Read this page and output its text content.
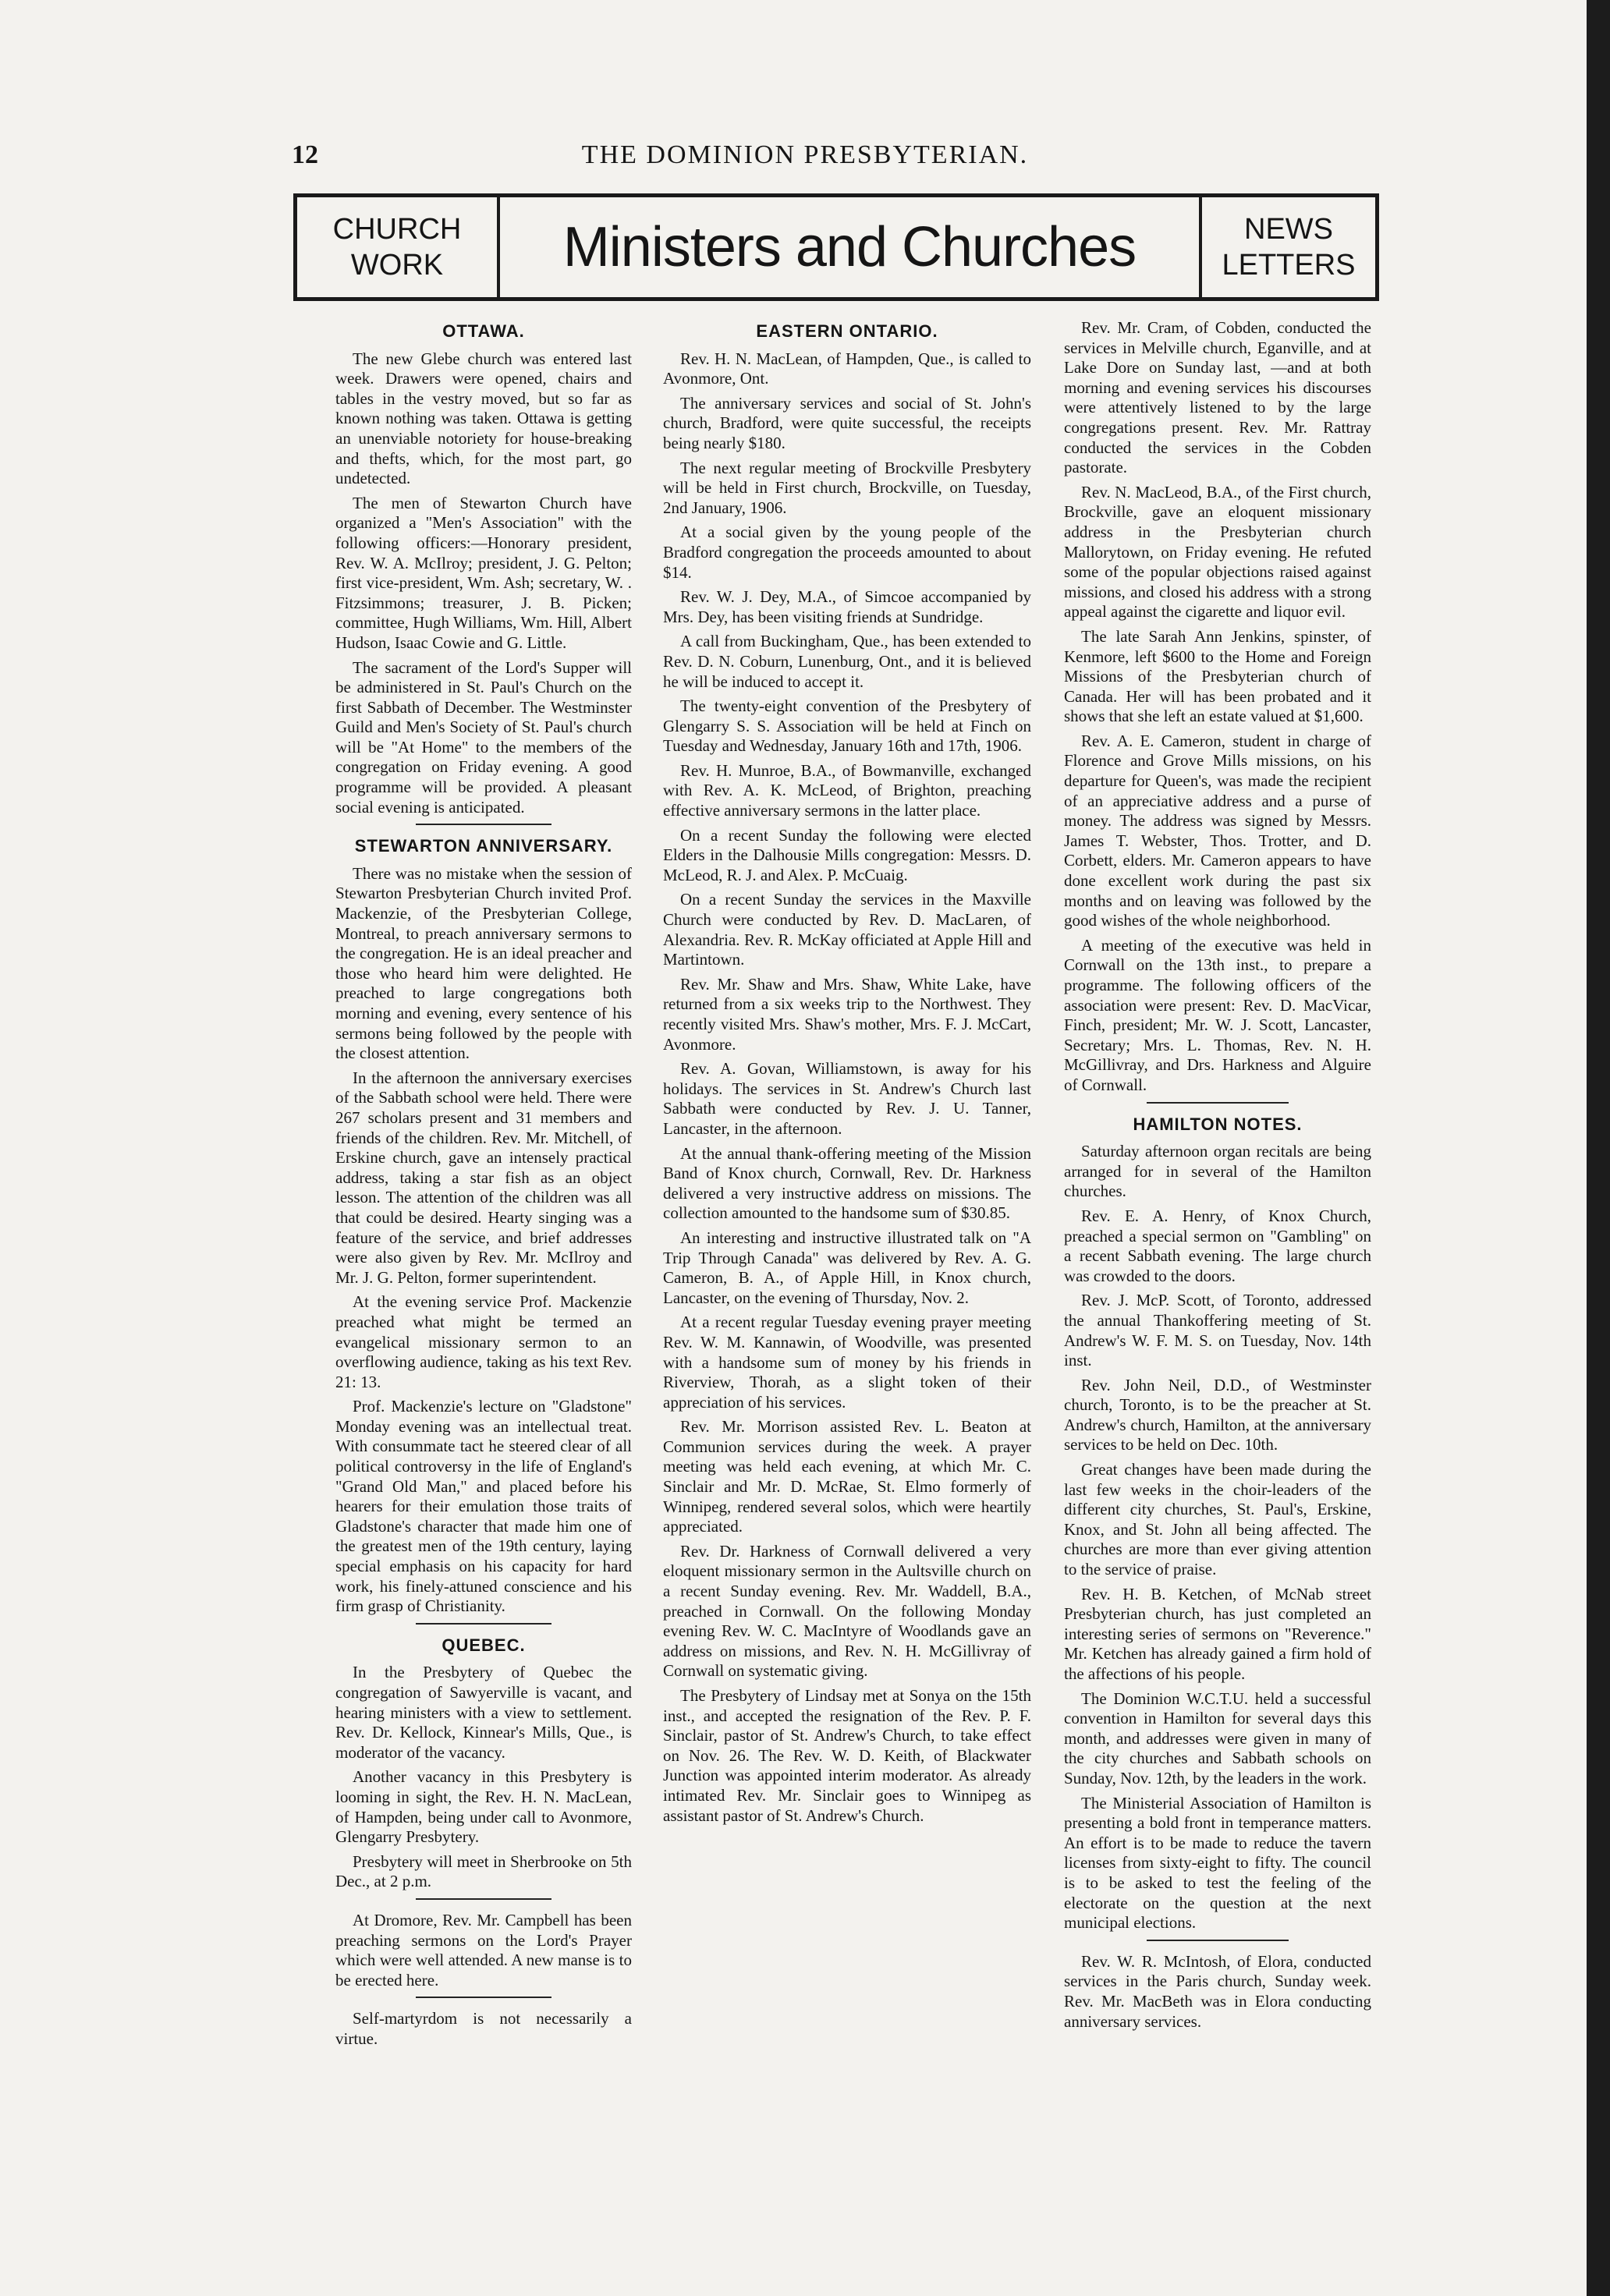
12	THE DOMINION PRESBYTERIAN.
CHURCH
WORK	Ministers and Churches	NEWS
LETTERS
OTTAWA.

The new Glebe church was entered last week. Drawers were opened, chairs and tables in the vestry moved, but so far as known nothing was taken. Ottawa is getting an unenviable notoriety for house-breaking and thefts, which, for the most part, go undetected.

The men of Stewarton Church have organized a "Men's Association" with the following officers:—Honorary president, Rev. W. A. McIlroy; president, J. G. Pelton; first vice-president, Wm. Ash; secretary, W. . Fitzsimmons; treasurer, J. B. Picken; committee, Hugh Williams, Wm. Hill, Albert Hudson, Isaac Cowie and G. Little.

The sacrament of the Lord's Supper will be administered in St. Paul's Church on the first Sabbath of December. The Westminster Guild and Men's Society of St. Paul's church will be "At Home" to the members of the congregation on Friday evening. A good programme will be provided. A pleasant social evening is anticipated.

STEWARTON ANNIVERSARY.

There was no mistake when the session of Stewarton Presbyterian Church invited Prof. Mackenzie, of the Presbyterian College, Montreal, to preach anniversary sermons to the congregation. He is an ideal preacher and those who heard him were delighted. He preached to large congregations both morning and evening, every sentence of his sermons being followed by the people with the closest attention.

In the afternoon the anniversary exercises of the Sabbath school were held. There were 267 scholars present and 31 members and friends of the children. Rev. Mr. Mitchell, of Erskine church, gave an intensely practical address, taking a star fish as an object lesson. The attention of the children was all that could be desired. Hearty singing was a feature of the service, and brief addresses were also given by Rev. Mr. McIlroy and Mr. J. G. Pelton, former superintendent.

At the evening service Prof. Mackenzie preached what might be termed an evangelical missionary sermon to an overflowing audience, taking as his text Rev. 21: 13.

Prof. Mackenzie's lecture on "Gladstone" Monday evening was an intellectual treat. With consummate tact he steered clear of all political controversy in the life of England's "Grand Old Man," and placed before his hearers for their emulation those traits of Gladstone's character that made him one of the greatest men of the 19th century, laying special emphasis on his capacity for hard work, his finely-attuned conscience and his firm grasp of Christianity.

QUEBEC.

In the Presbytery of Quebec the congregation of Sawyerville is vacant, and hearing ministers with a view to settlement. Rev. Dr. Kellock, Kinnear's Mills, Que., is moderator of the vacancy.

Another vacancy in this Presbytery is looming in sight, the Rev. H. N. MacLean, of Hampden, being under call to Avonmore, Glengarry Presbytery.

Presbytery will meet in Sherbrooke on 5th Dec., at 2 p.m.

At Dromore, Rev. Mr. Campbell has been preaching sermons on the Lord's Prayer which were well attended. A new manse is to be erected here.

Self-martyrdom is not necessarily a virtue.

EASTERN ONTARIO.

Rev. H. N. MacLean, of Hampden, Que., is called to Avonmore, Ont.

The anniversary services and social of St. John's church, Bradford, were quite successful, the receipts being nearly $180.

The next regular meeting of Brockville Presbytery will be held in First church, Brockville, on Tuesday, 2nd January, 1906.

At a social given by the young people of the Bradford congregation the proceeds amounted to about $14.

Rev. W. J. Dey, M.A., of Simcoe accompanied by Mrs. Dey, has been visiting friends at Sundridge.

A call from Buckingham, Que., has been extended to Rev. D. N. Coburn, Lunenburg, Ont., and it is believed he will be induced to accept it.

The twenty-eight convention of the Presbytery of Glengarry S. S. Association will be held at Finch on Tuesday and Wednesday, January 16th and 17th, 1906.

Rev. H. Munroe, B.A., of Bowmanville, exchanged with Rev. A. K. McLeod, of Brighton, preaching effective anniversary sermons in the latter place.

On a recent Sunday the following were elected Elders in the Dalhousie Mills congregation: Messrs. D. McLeod, R. J. and Alex. P. McCuaig.

On a recent Sunday the services in the Maxville Church were conducted by Rev. D. MacLaren, of Alexandria. Rev. R. McKay officiated at Apple Hill and Martintown.

Rev. Mr. Shaw and Mrs. Shaw, White Lake, have returned from a six weeks trip to the Northwest. They recently visited Mrs. Shaw's mother, Mrs. F. J. McCart, Avonmore.

Rev. A. Govan, Williamstown, is away for his holidays. The services in St. Andrew's Church last Sabbath were conducted by Rev. J. U. Tanner, Lancaster, in the afternoon.

At the annual thank-offering meeting of the Mission Band of Knox church, Cornwall, Rev. Dr. Harkness delivered a very instructive address on missions. The collection amounted to the handsome sum of $30.85.

An interesting and instructive illustrated talk on "A Trip Through Canada" was delivered by Rev. A. G. Cameron, B. A., of Apple Hill, in Knox church, Lancaster, on the evening of Thursday, Nov. 2.

At a recent regular Tuesday evening prayer meeting Rev. W. M. Kannawin, of Woodville, was presented with a handsome sum of money by his friends in Riverview, Thorah, as a slight token of their appreciation of his services.

Rev. Mr. Morrison assisted Rev. L. Beaton at Communion services during the week. A prayer meeting was held each evening, at which Mr. C. Sinclair and Mr. D. McRae, St. Elmo formerly of Winnipeg, rendered several solos, which were heartily appreciated.

Rev. Dr. Harkness of Cornwall delivered a very eloquent missionary sermon in the Aultsville church on a recent Sunday evening. Rev. Mr. Waddell, B.A., preached in Cornwall. On the following Monday evening Rev. W. C. MacIntyre of Woodlands gave an address on missions, and Rev. N. H. McGillivray of Cornwall on systematic giving.

The Presbytery of Lindsay met at Sonya on the 15th inst., and accepted the resignation of the Rev. P. F. Sinclair, pastor of St. Andrew's Church, to take effect on Nov. 26. The Rev. W. D. Keith, of Blackwater Junction was appointed interim moderator. As already intimated Rev. Mr. Sinclair goes to Winnipeg as assistant pastor of St. Andrew's Church.

Rev. Mr. Cram, of Cobden, conducted the services in Melville church, Eganville, and at Lake Dore on Sunday last, —and at both morning and evening services his discourses were attentively listened to by the large congregations present. Rev. Mr. Rattray conducted the services in the Cobden pastorate.

Rev. N. MacLeod, B.A., of the First church, Brockville, gave an eloquent missionary address in the Presbyterian church Mallorytown, on Friday evening. He refuted some of the popular objections raised against missions, and closed his address with a strong appeal against the cigarette and liquor evil.

The late Sarah Ann Jenkins, spinster, of Kenmore, left $600 to the Home and Foreign Missions of the Presbyterian church of Canada. Her will has been probated and it shows that she left an estate valued at $1,600.

Rev. A. E. Cameron, student in charge of Florence and Grove Mills missions, on his departure for Queen's, was made the recipient of an appreciative address and a purse of money. The address was signed by Messrs. James T. Webster, Thos. Trotter, and D. Corbett, elders. Mr. Cameron appears to have done excellent work during the past six months and on leaving was followed by the good wishes of the whole neighborhood.

A meeting of the executive was held in Cornwall on the 13th inst., to prepare a programme. The following officers of the association were present: Rev. D. MacVicar, Finch, president; Mr. W. J. Scott, Lancaster, Secretary; Mrs. L. Thomas, Rev. N. H. McGillivray, and Drs. Harkness and Alguire of Cornwall.

HAMILTON NOTES.

Saturday afternoon organ recitals are being arranged for in several of the Hamilton churches.

Rev. E. A. Henry, of Knox Church, preached a special sermon on "Gambling" on a recent Sabbath evening. The large church was crowded to the doors.

Rev. J. McP. Scott, of Toronto, addressed the annual Thankoffering meeting of St. Andrew's W. F. M. S. on Tuesday, Nov. 14th inst.

Rev. John Neil, D.D., of Westminster church, Toronto, is to be the preacher at St. Andrew's church, Hamilton, at the anniversary services to be held on Dec. 10th.

Great changes have been made during the last few weeks in the choir-leaders of the different city churches, St. Paul's, Erskine, Knox, and St. John all being affected. The churches are more than ever giving attention to the service of praise.

Rev. H. B. Ketchen, of McNab street Presbyterian church, has just completed an interesting series of sermons on "Reverence." Mr. Ketchen has already gained a firm hold of the affections of his people.

The Dominion W.C.T.U. held a successful convention in Hamilton for several days this month, and addresses were given in many of the city churches and Sabbath schools on Sunday, Nov. 12th, by the leaders in the work.

The Ministerial Association of Hamilton is presenting a bold front in temperance matters. An effort is to be made to reduce the tavern licenses from sixty-eight to fifty. The council is to be asked to test the feeling of the electorate on the question at the next municipal elections.

Rev. W. R. McIntosh, of Elora, conducted services in the Paris church, Sunday week. Rev. Mr. MacBeth was in Elora conducting anniversary services.
